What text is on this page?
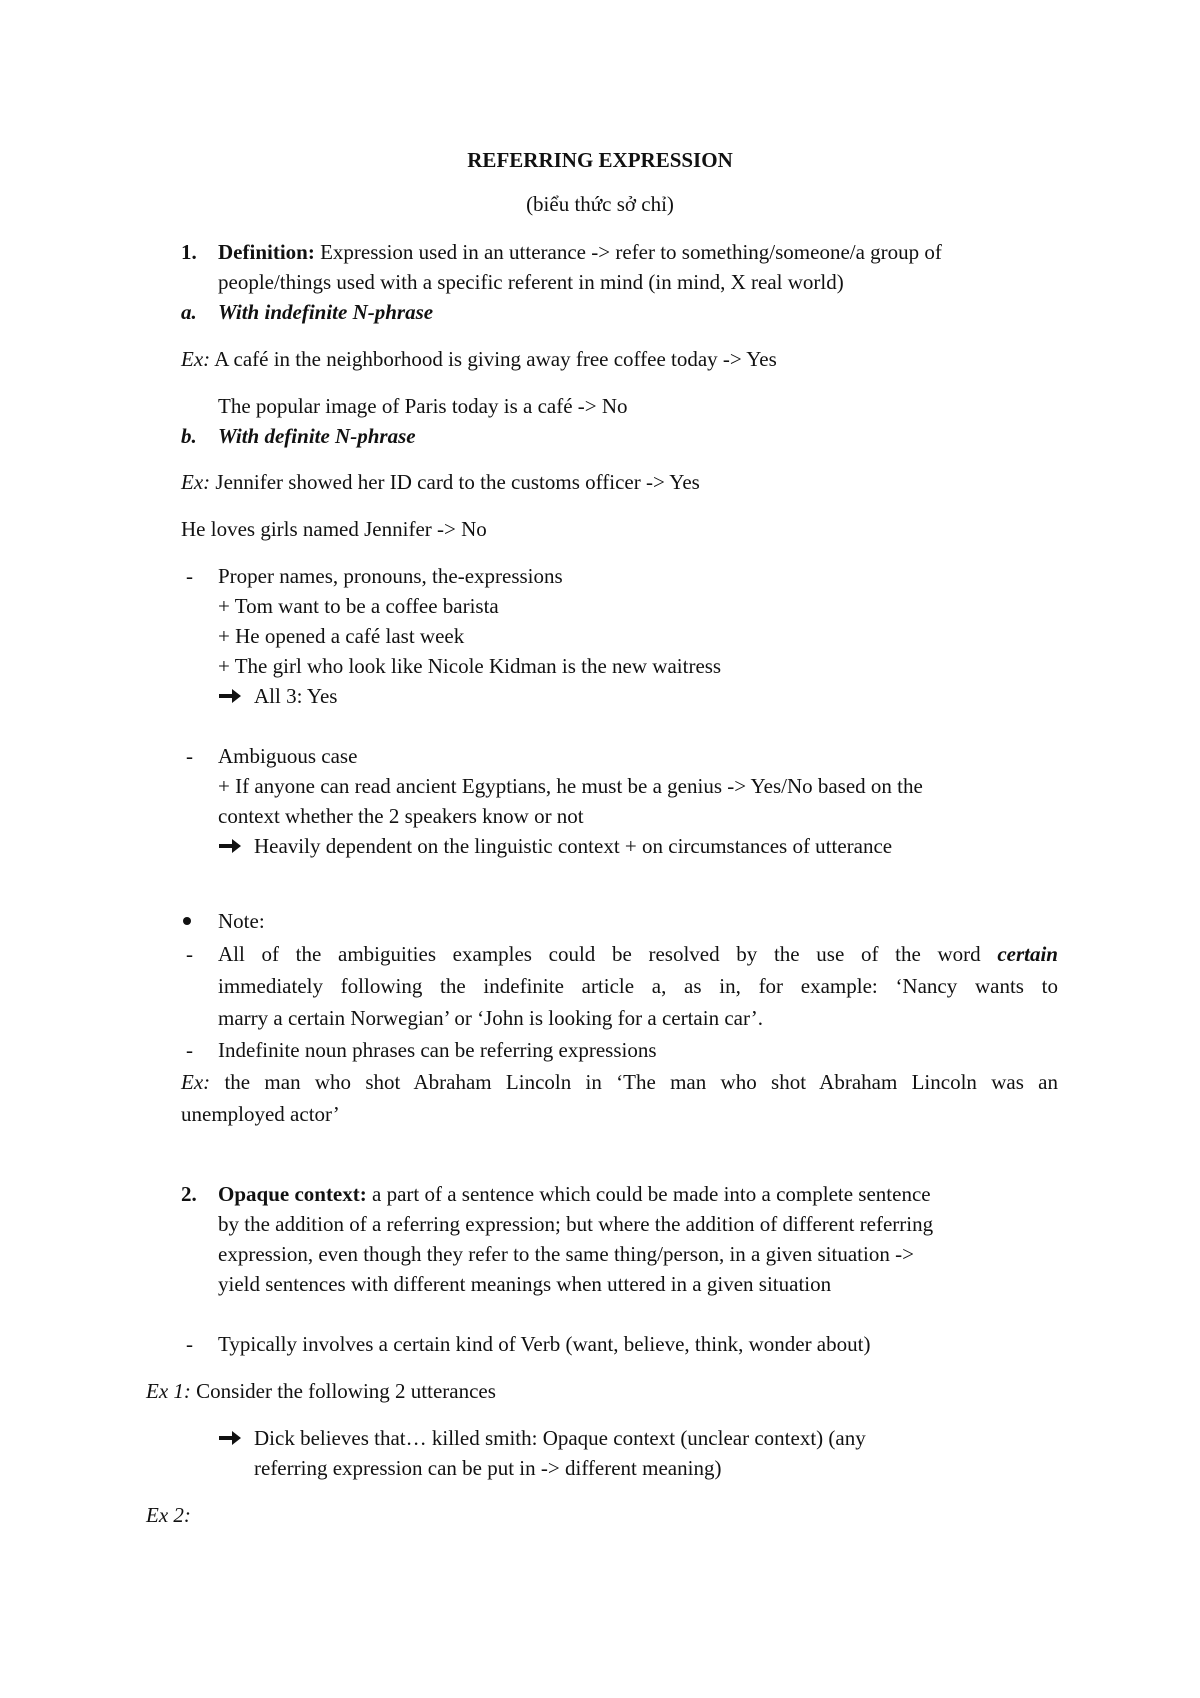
REFERRING EXPRESSION
(biểu thức sở chỉ)
1. Definition: Expression used in an utterance -> refer to something/someone/a group of
people/things used with a specific referent in mind (in mind, X real world)
a. With indefinite N-phrase
Ex: A café in the neighborhood is giving away free coffee today -> Yes
The popular image of Paris today is a café -> No
b. With definite N-phrase
Ex: Jennifer showed her ID card to the customs officer -> Yes
He loves girls named Jennifer -> No
- Proper names, pronouns, the-expressions
+ Tom want to be a coffee barista
+ He opened a café last week
+ The girl who look like Nicole Kidman is the new waitress
All 3: Yes
- Ambiguous case
+ If anyone can read ancient Egyptians, he must be a genius -> Yes/No based on the
context whether the 2 speakers know or not
Heavily dependent on the linguistic context + on circumstances of utterance
Note:
- All of the ambiguities examples could be resolved by the use of the word certain
immediately following the indefinite article a, as in, for example: ‘Nancy wants to
marry a certain Norwegian’ or ‘John is looking for a certain car’.
- Indefinite noun phrases can be referring expressions
Ex: the man who shot Abraham Lincoln in ‘The man who shot Abraham Lincoln was an
unemployed actor’
2. Opaque context: a part of a sentence which could be made into a complete sentence
by the addition of a referring expression; but where the addition of different referring
expression, even though they refer to the same thing/person, in a given situation ->
yield sentences with different meanings when uttered in a given situation
- Typically involves a certain kind of Verb (want, believe, think, wonder about)
Ex 1: Consider the following 2 utterances
Dick believes that… killed smith: Opaque context (unclear context) (any
referring expression can be put in -> different meaning)
Ex 2:
